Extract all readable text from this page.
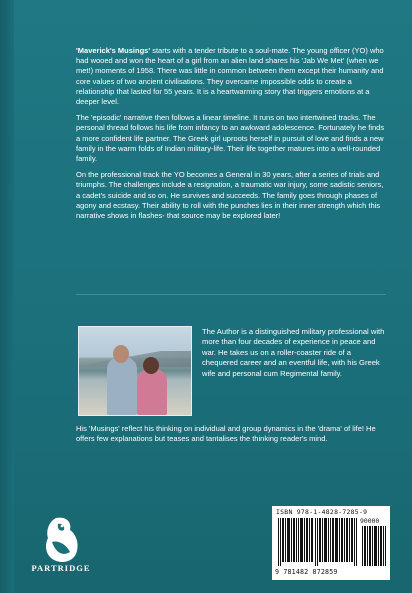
'Maverick's Musings' starts with a tender tribute to a soul-mate. The young officer (YO) who had wooed and won the heart of a girl from an alien land shares his 'Jab We Met' (when we met!) moments of 1958. There was little in common between them except their humanity and core values of two ancient civilisations. They overcame impossible odds to create a relationship that lasted for 55 years. It is a heartwarming story that triggers emotions at a deeper level.

The 'episodic' narrative then follows a linear timeline. It runs on two intertwined tracks. The personal thread follows his life from infancy to an awkward adolescence. Fortunately he finds a more confident life partner. The Greek girl uproots herself in pursuit of love and finds a new family in the warm folds of Indian military-life. Their life together matures into a well-rounded family.

On the professional track the YO becomes a General in 30 years, after a series of trials and triumphs. The challenges include a resignation, a traumatic war injury, some sadistic seniors, a cadet's suicide and so on. He survives and succeeds. The family goes through phases of agony and ecstasy. Their ability to roll with the punches lies in their inner strength which this narrative shows in flashes- that source may be explored later!

The Author is a distinguished military professional with more than four decades of experience in peace and war. He takes us on a roller-coaster ride of a chequered career and an eventful life, with his Greek wife and personal cum Regimental family.
His 'Musings' reflect his thinking on individual and group dynamics in the 'drama' of life! He offers few explanations but teases and tantalises the thinking reader's mind.
PARTRIDGE
ISBN 978-1-4828-7285-9
90000
9 781482 872859
